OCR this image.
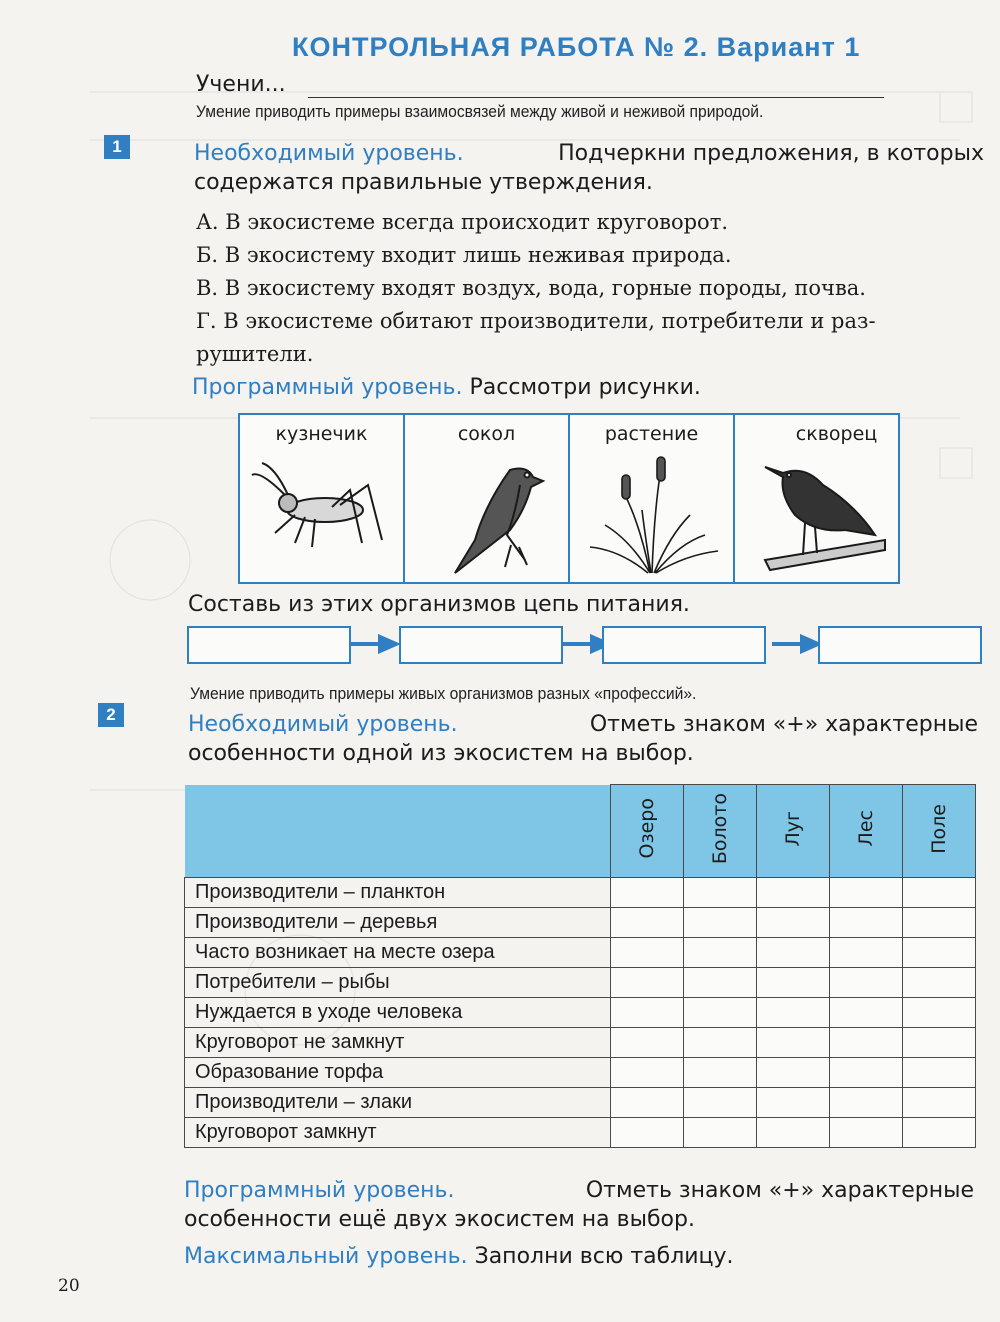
КОНТРОЛЬНАЯ РАБОТА № 2. Вариант 1
Учени...
Умение приводить примеры взаимосвязей между живой и неживой природой.
1	Необходимый уровень.	Подчеркни предложения, в которых
содержатся правильные утверждения.
А. В экосистеме всегда происходит круговорот.
Б. В экосистему входит лишь неживая природа.
В. В экосистему входят воздух, вода, горные породы, почва.
Г. В экосистеме обитают производители, потребители и раз-
рушители.
Программный уровень. Рассмотри рисунки.
кузнечик	сокол	растение	скворец
Составь из этих организмов цепь питания.
Умение приводить примеры живых организмов разных «профессий».
2	Необходимый уровень.	Отметь знаком «+» характерные
особенности одной из экосистем на выбор.
	Озеро	Болото	Луг	Лес	Поле
Производители – планктон					
Производители – деревья					
Часто возникает на месте озера					
Потребители – рыбы					
Нуждается в уходе человека					
Круговорот не замкнут					
Образование торфа					
Производители – злаки					
Круговорот замкнут					
Программный уровень.	Отметь знаком «+» характерные
особенности ещё двух экосистем на выбор.
Максимальный уровень. Заполни всю таблицу.
20
